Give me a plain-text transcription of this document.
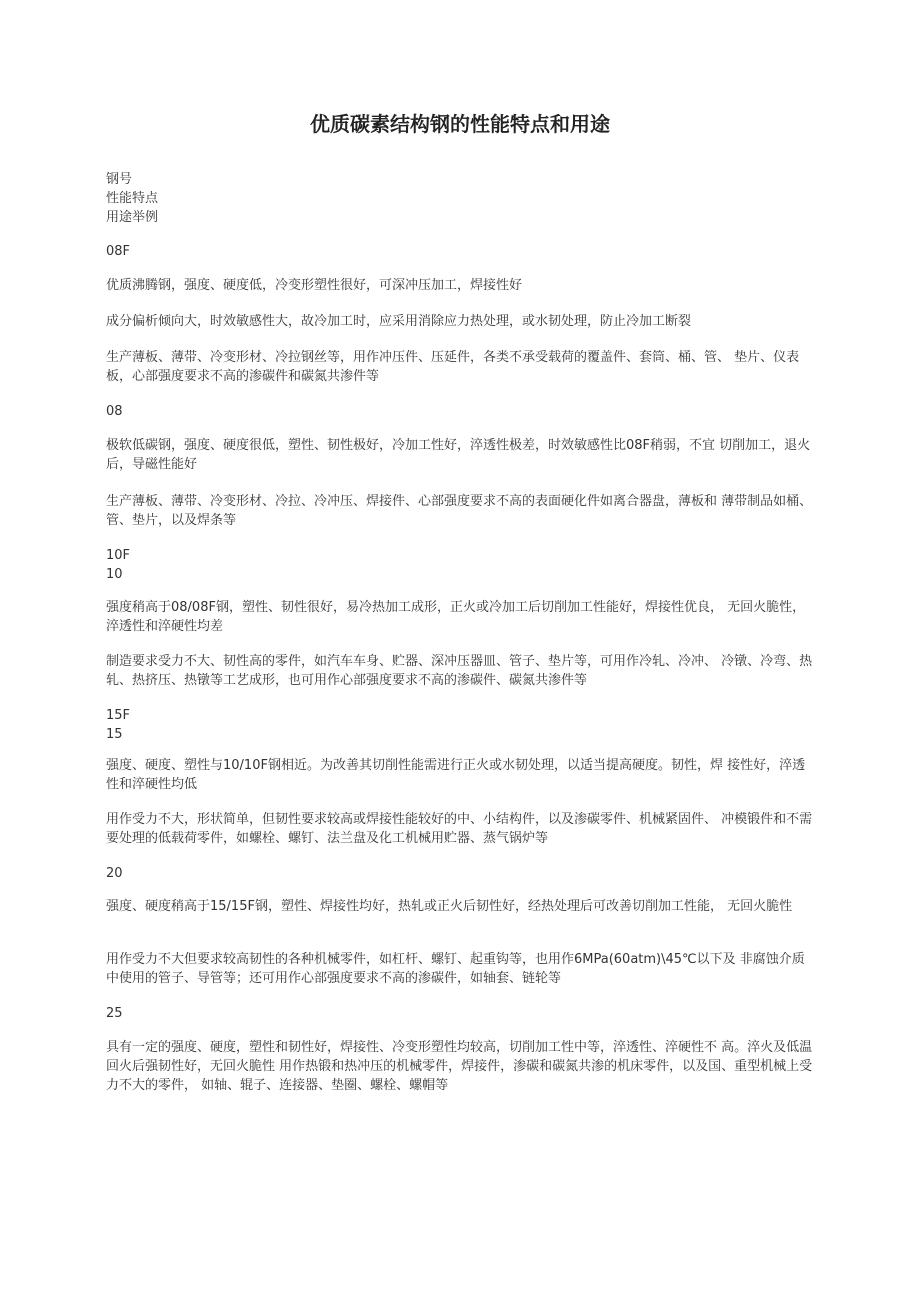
优质碳素结构钢的性能特点和用途

钢号

性能特点

用途举例

08F

优质沸腾钢，强度、硬度低，冷变形塑性很好，可深冲压加工，焊接性好

成分偏析倾向大，时效敏感性大，故冷加工时，应采用消除应力热处理，或水韧处理，防止冷加工断裂

生产薄板、薄带、冷变形材、冷拉钢丝等，用作冲压件、压延件，各类不承受载荷的覆盖件、套筒、桶、管、 垫片、仪表板，心部强度要求不高的渗碳件和碳氮共渗件等

08

极软低碳钢，强度、硬度很低，塑性、韧性极好，冷加工性好，淬透性极差，时效敏感性比08F稍弱，不宜 切削加工，退火后，导磁性能好

生产薄板、薄带、冷变形材、冷拉、冷冲压、焊接件、心部强度要求不高的表面硬化件如离合器盘，薄板和 薄带制品如桶、管、垫片，以及焊条等

10F

10

强度稍高于08/08F钢，塑性、韧性很好，易冷热加工成形，正火或冷加工后切削加工性能好，焊接性优良， 无回火脆性，淬透性和淬硬性均差

制造要求受力不大、韧性高的零件，如汽车车身、贮器、深冲压器皿、管子、垫片等，可用作冷轧、冷冲、 冷镦、冷弯、热轧、热挤压、热镦等工艺成形，也可用作心部强度要求不高的渗碳件、碳氮共渗件等

15F

15

强度、硬度、塑性与10/10F钢相近。为改善其切削性能需进行正火或水韧处理，以适当提高硬度。韧性，焊 接性好，淬透性和淬硬性均低

用作受力不大，形状简单，但韧性要求较高或焊接性能较好的中、小结构件，以及渗碳零件、机械紧固件、 冲模锻件和不需要处理的低载荷零件，如螺栓、螺钉、法兰盘及化工机械用贮器、蒸气锅炉等

20

强度、硬度稍高于15/15F钢，塑性、焊接性均好，热轧或正火后韧性好，经热处理后可改善切削加工性能， 无回火脆性

用作受力不大但要求较高韧性的各种机械零件，如杠杆、螺钉、起重钩等，也用作6MPa(60atm)\45℃以下及 非腐蚀介质中使用的管子、导管等；还可用作心部强度要求不高的渗碳件，如轴套、链轮等

25

具有一定的强度、硬度，塑性和韧性好，焊接性、冷变形塑性均较高，切削加工性中等，淬透性、淬硬性不 高。淬火及低温回火后强韧性好，无回火脆性 用作热锻和热冲压的机械零件，焊接件，渗碳和碳氮共渗的机床零件，以及国、重型机械上受力不大的零件， 如轴、辊子、连接器、垫圈、螺栓、螺帽等
